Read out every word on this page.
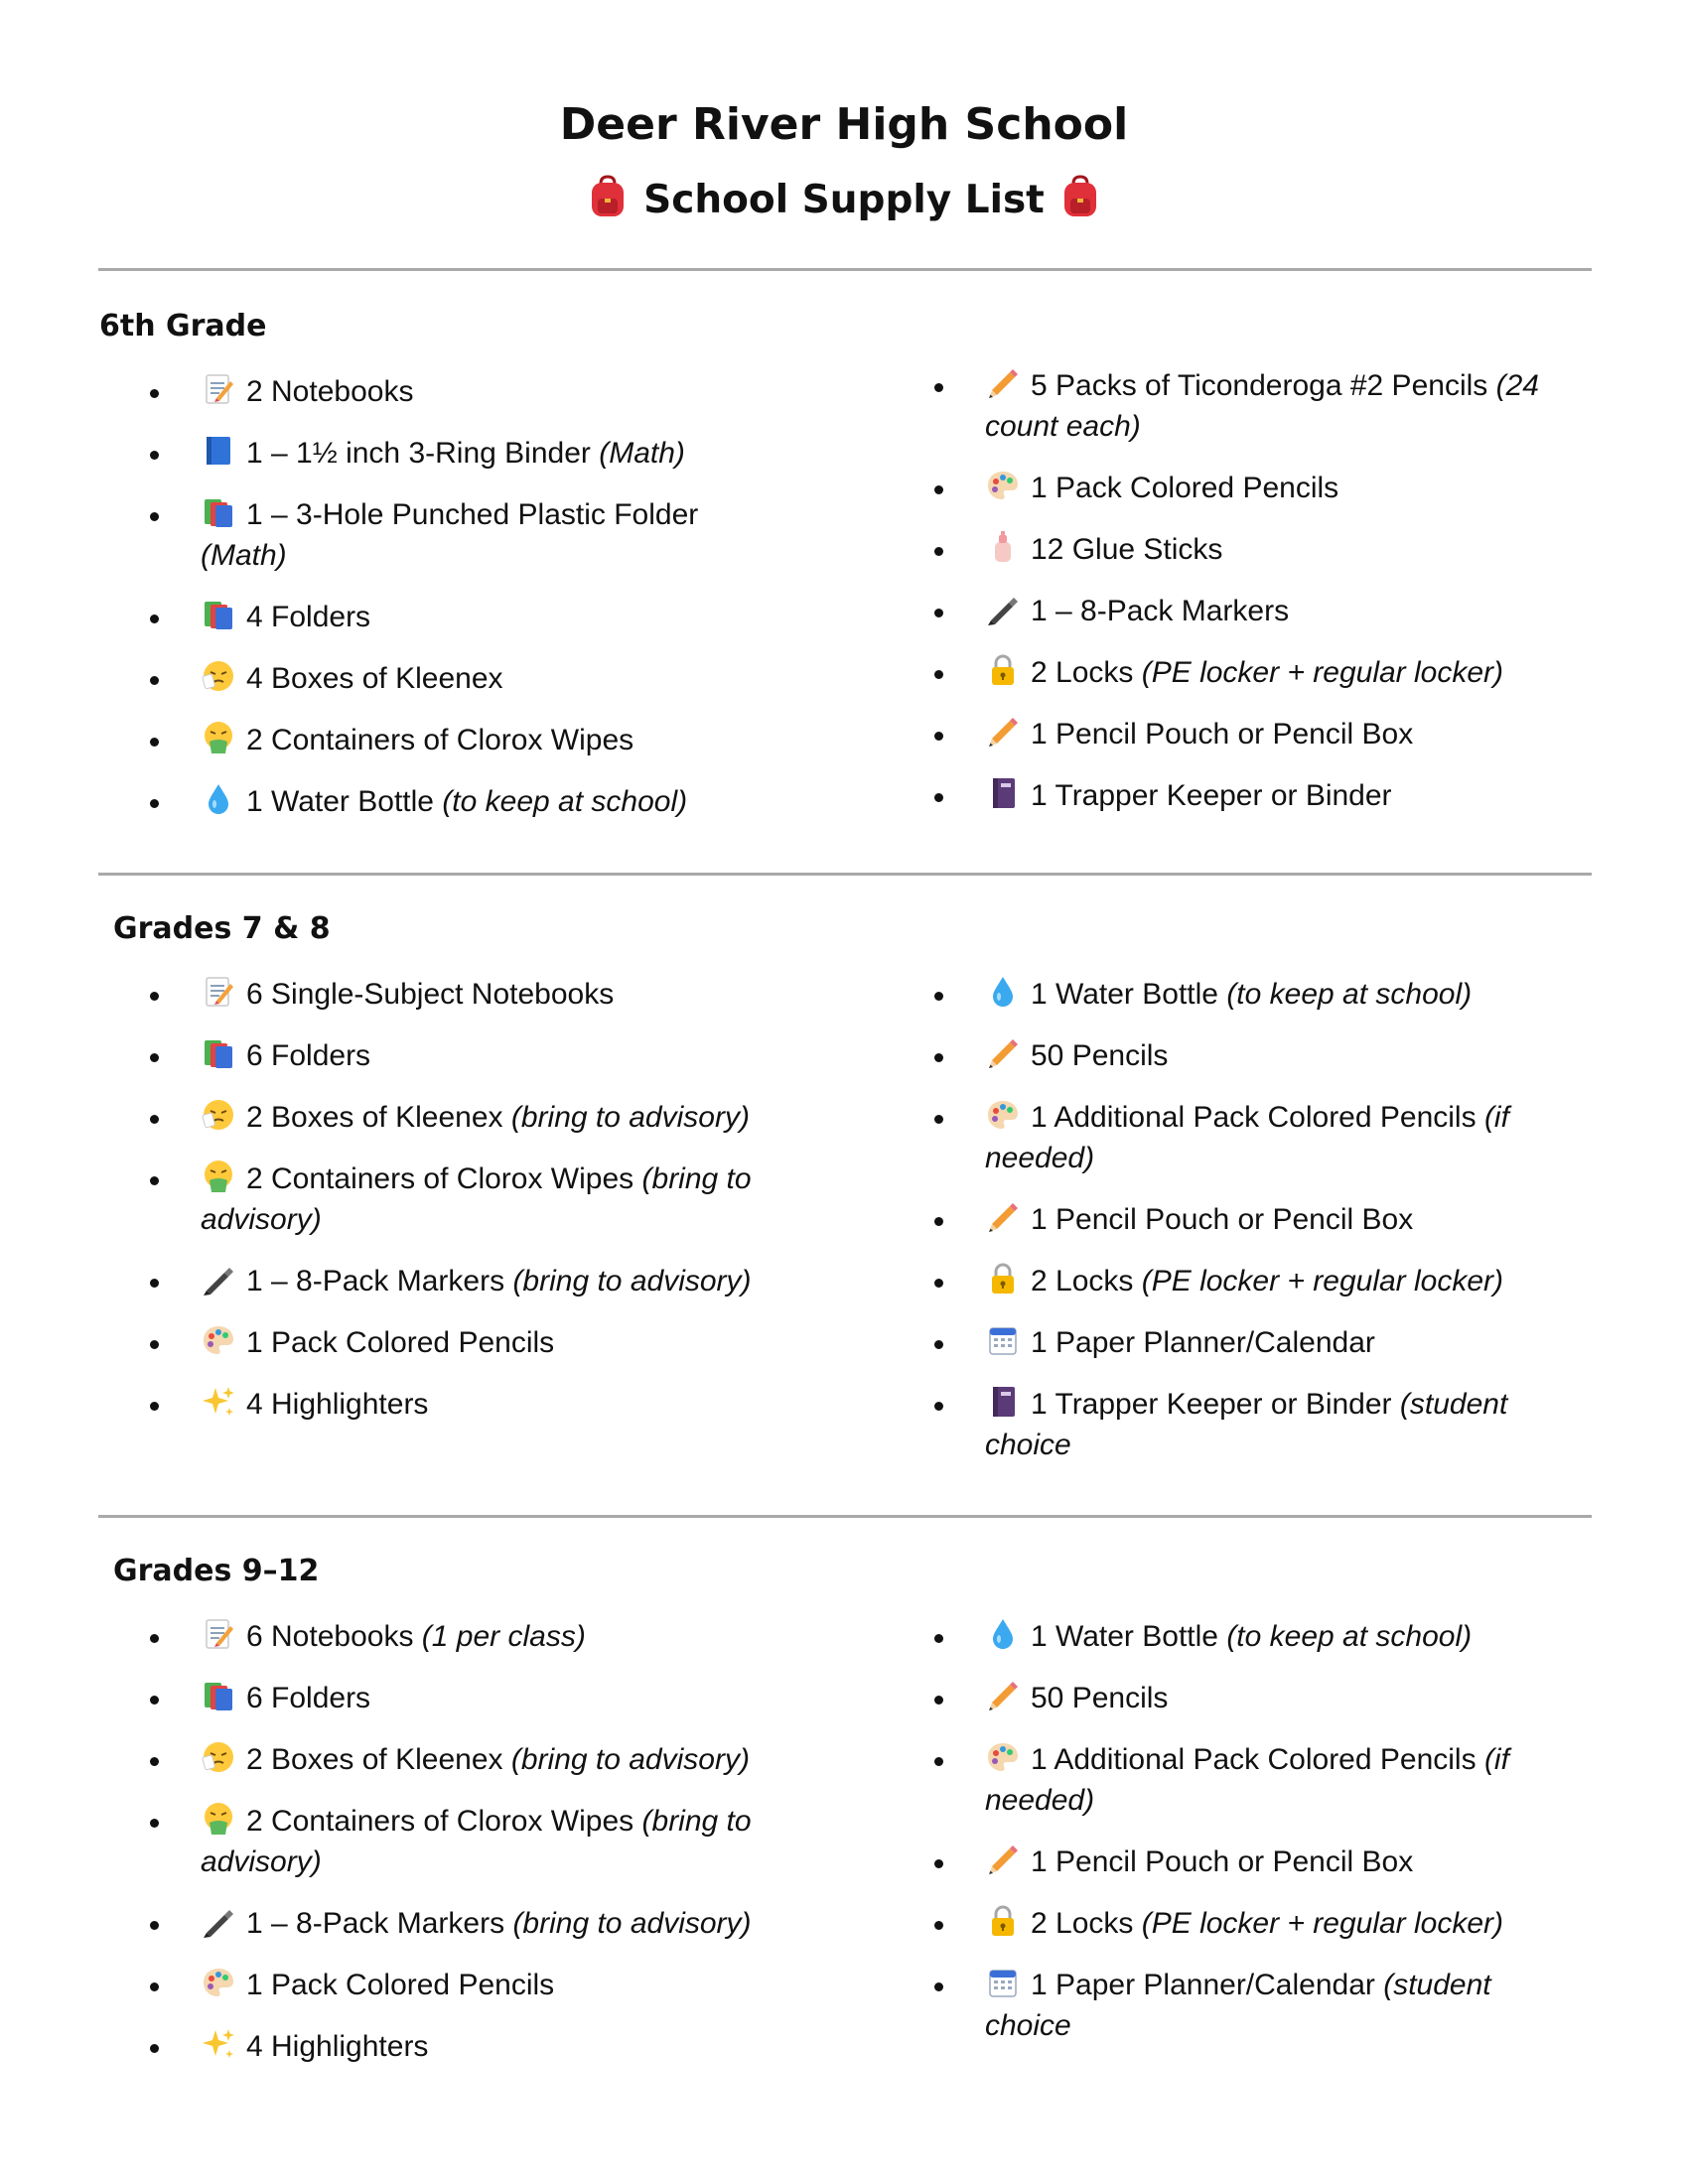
Deer River High School
School Supply List
6th Grade
2 Notebooks
1 – 1½ inch 3-Ring Binder (Math)
1 – 3-Hole Punched Plastic Folder (Math)
4 Folders
4 Boxes of Kleenex
2 Containers of Clorox Wipes
1 Water Bottle (to keep at school)
5 Packs of Ticonderoga #2 Pencils (24 count each)
1 Pack Colored Pencils
12 Glue Sticks
1 – 8-Pack Markers
2 Locks (PE locker + regular locker)
1 Pencil Pouch or Pencil Box
1 Trapper Keeper or Binder
Grades 7 & 8
6 Single-Subject Notebooks
6 Folders
2 Boxes of Kleenex (bring to advisory)
2 Containers of Clorox Wipes (bring to advisory)
1 – 8-Pack Markers (bring to advisory)
1 Pack Colored Pencils
4 Highlighters
1 Water Bottle (to keep at school)
50 Pencils
1 Additional Pack Colored Pencils (if needed)
1 Pencil Pouch or Pencil Box
2 Locks (PE locker + regular locker)
1 Paper Planner/Calendar
1 Trapper Keeper or Binder (student choice
Grades 9–12
6 Notebooks (1 per class)
6 Folders
2 Boxes of Kleenex (bring to advisory)
2 Containers of Clorox Wipes (bring to advisory)
1 – 8-Pack Markers (bring to advisory)
1 Pack Colored Pencils
4 Highlighters
1 Water Bottle (to keep at school)
50 Pencils
1 Additional Pack Colored Pencils (if needed)
1 Pencil Pouch or Pencil Box
2 Locks (PE locker + regular locker)
1 Paper Planner/Calendar (student choice
